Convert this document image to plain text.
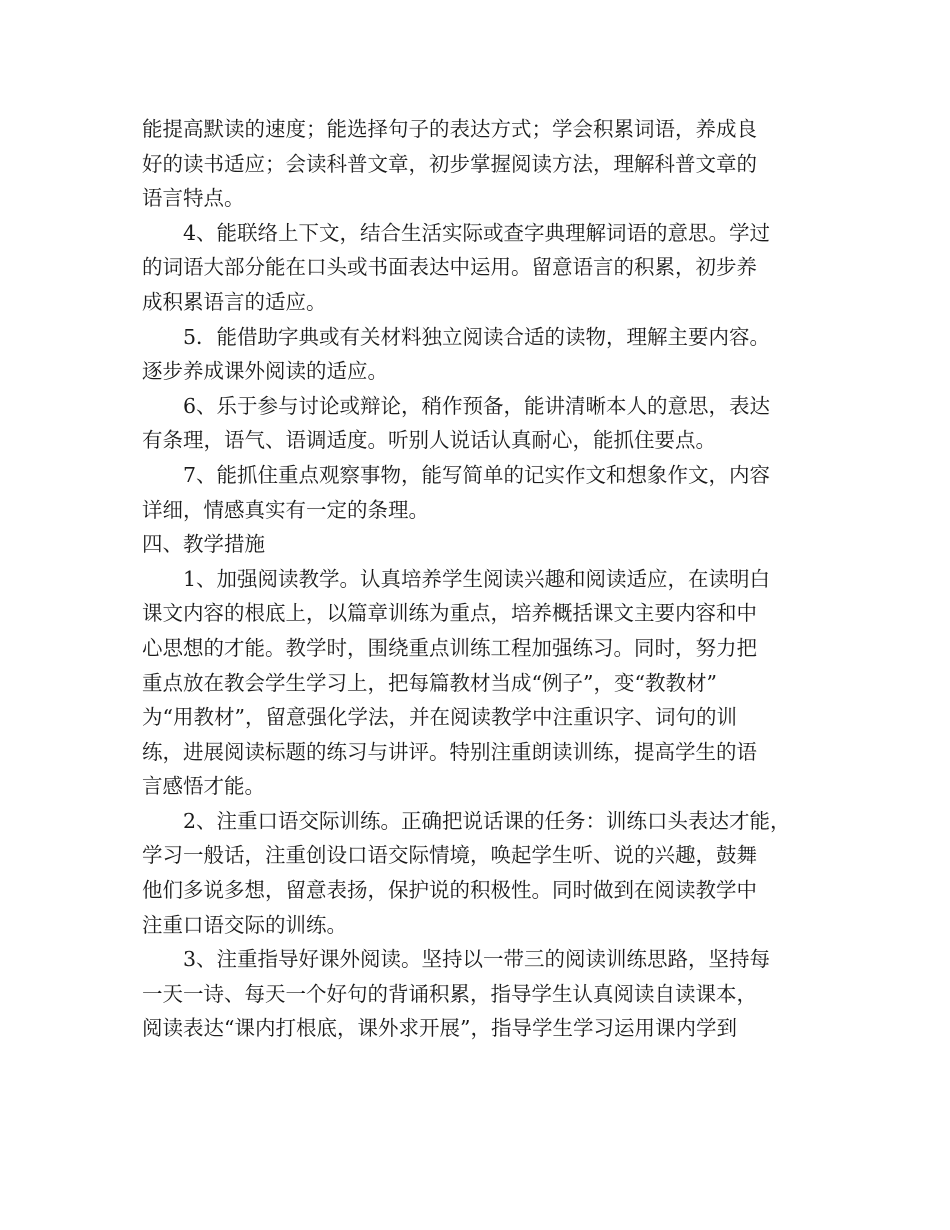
能提高默读的速度；能选择句子的表达方式；学会积累词语，养成良
好的读书适应；会读科普文章，初步掌握阅读方法，理解科普文章的
语言特点。

　　4、能联络上下文，结合生活实际或查字典理解词语的意思。学过
的词语大部分能在口头或书面表达中运用。留意语言的积累，初步养
成积累语言的适应。

　　5．能借助字典或有关材料独立阅读合适的读物，理解主要内容。
逐步养成课外阅读的适应。

　　6、乐于参与讨论或辩论，稍作预备，能讲清晰本人的意思，表达
有条理，语气、语调适度。听别人说话认真耐心，能抓住要点。

　　7、能抓住重点观察事物，能写简单的记实作文和想象作文，内容
详细，情感真实有一定的条理。

四、教学措施

　　1、加强阅读教学。认真培养学生阅读兴趣和阅读适应，在读明白
课文内容的根底上，以篇章训练为重点，培养概括课文主要内容和中
心思想的才能。教学时，围绕重点训练工程加强练习。同时，努力把
重点放在教会学生学习上，把每篇教材当成“例子”，变“教教材”
为“用教材”，留意强化学法，并在阅读教学中注重识字、词句的训
练，进展阅读标题的练习与讲评。特别注重朗读训练，提高学生的语
言感悟才能。

　　2、注重口语交际训练。正确把说话课的任务：训练口头表达才能，
学习一般话，注重创设口语交际情境，唤起学生听、说的兴趣，鼓舞
他们多说多想，留意表扬，保护说的积极性。同时做到在阅读教学中
注重口语交际的训练。

　　3、注重指导好课外阅读。坚持以一带三的阅读训练思路，坚持每
一天一诗、每天一个好句的背诵积累，指导学生认真阅读自读课本，
阅读表达“课内打根底，课外求开展”，指导学生学习运用课内学到
